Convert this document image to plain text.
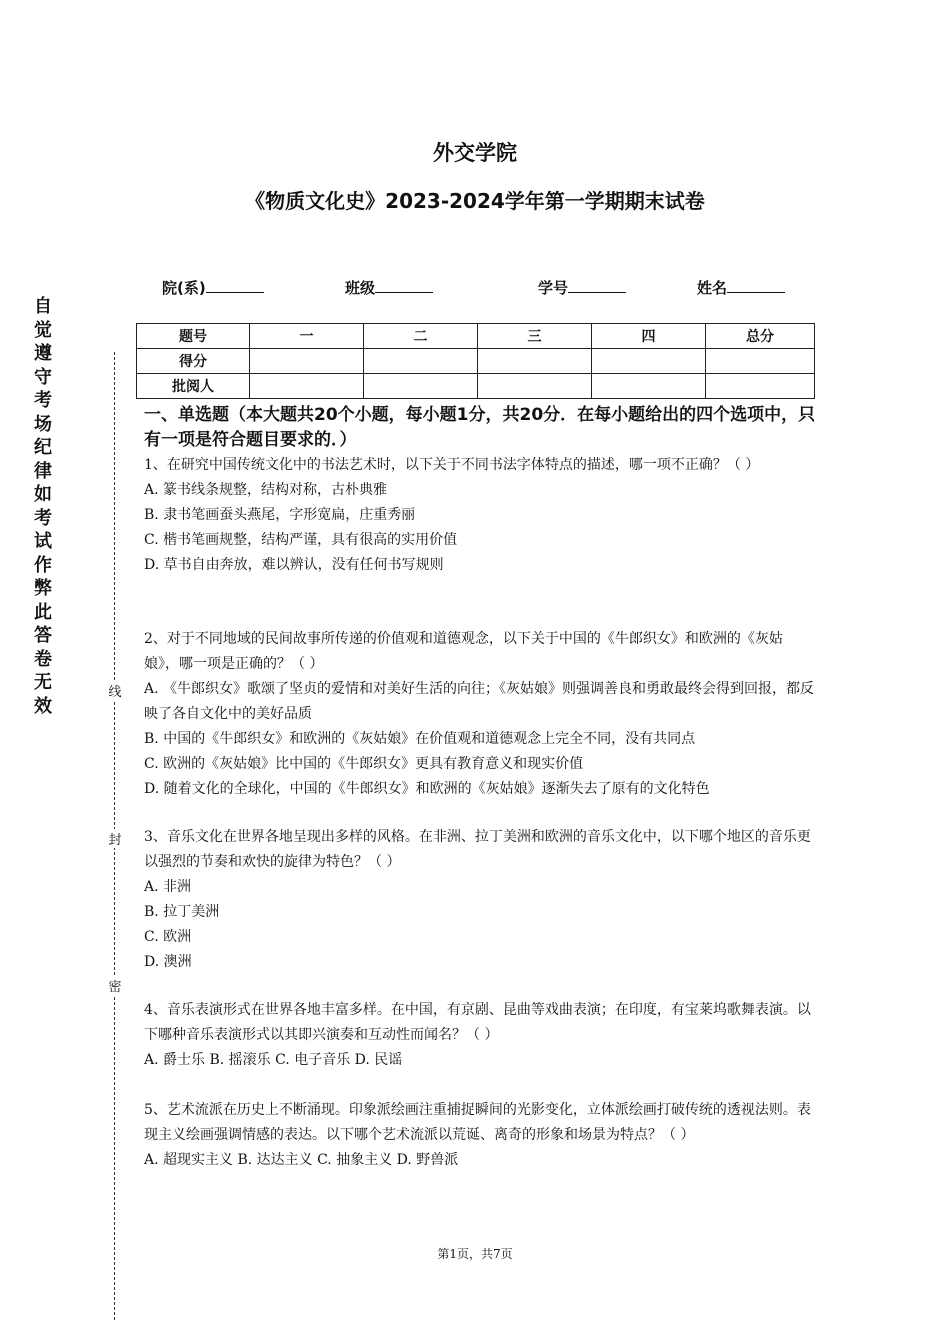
外交学院
《物质文化史》2023-2024学年第一学期期末试卷
院(系)	班级	学号	姓名
题号	一	二	三	四	总分
得分					
批阅人					
自觉遵守考场纪律如考试作弊此答卷无效
线
封
密
一、单选题（本大题共20个小题，每小题1分，共20分．在每小题给出的四个选项中，只有一项是符合题目要求的．）

1、在研究中国传统文化中的书法艺术时，以下关于不同书法字体特点的描述，哪一项不正确？（ ）

A. 篆书线条规整，结构对称，古朴典雅

B. 隶书笔画蚕头燕尾，字形宽扁，庄重秀丽

C. 楷书笔画规整，结构严谨，具有很高的实用价值

D. 草书自由奔放，难以辨认，没有任何书写规则

2、对于不同地域的民间故事所传递的价值观和道德观念，以下关于中国的《牛郎织女》和欧洲的《灰姑娘》，哪一项是正确的？（ ）

A. 《牛郎织女》歌颂了坚贞的爱情和对美好生活的向往；《灰姑娘》则强调善良和勇敢最终会得到回报，都反映了各自文化中的美好品质

B. 中国的《牛郎织女》和欧洲的《灰姑娘》在价值观和道德观念上完全不同，没有共同点

C. 欧洲的《灰姑娘》比中国的《牛郎织女》更具有教育意义和现实价值

D. 随着文化的全球化，中国的《牛郎织女》和欧洲的《灰姑娘》逐渐失去了原有的文化特色

3、音乐文化在世界各地呈现出多样的风格。在非洲、拉丁美洲和欧洲的音乐文化中，以下哪个地区的音乐更以强烈的节奏和欢快的旋律为特色？（ ）

A. 非洲

B. 拉丁美洲

C. 欧洲

D. 澳洲

4、音乐表演形式在世界各地丰富多样。在中国，有京剧、昆曲等戏曲表演；在印度，有宝莱坞歌舞表演。以下哪种音乐表演形式以其即兴演奏和互动性而闻名？（ ）

A. 爵士乐 B. 摇滚乐 C. 电子音乐 D. 民谣

5、艺术流派在历史上不断涌现。印象派绘画注重捕捉瞬间的光影变化，立体派绘画打破传统的透视法则。表现主义绘画强调情感的表达。以下哪个艺术流派以荒诞、离奇的形象和场景为特点？（ ）

A. 超现实主义 B. 达达主义 C. 抽象主义 D. 野兽派

第1页，共7页
